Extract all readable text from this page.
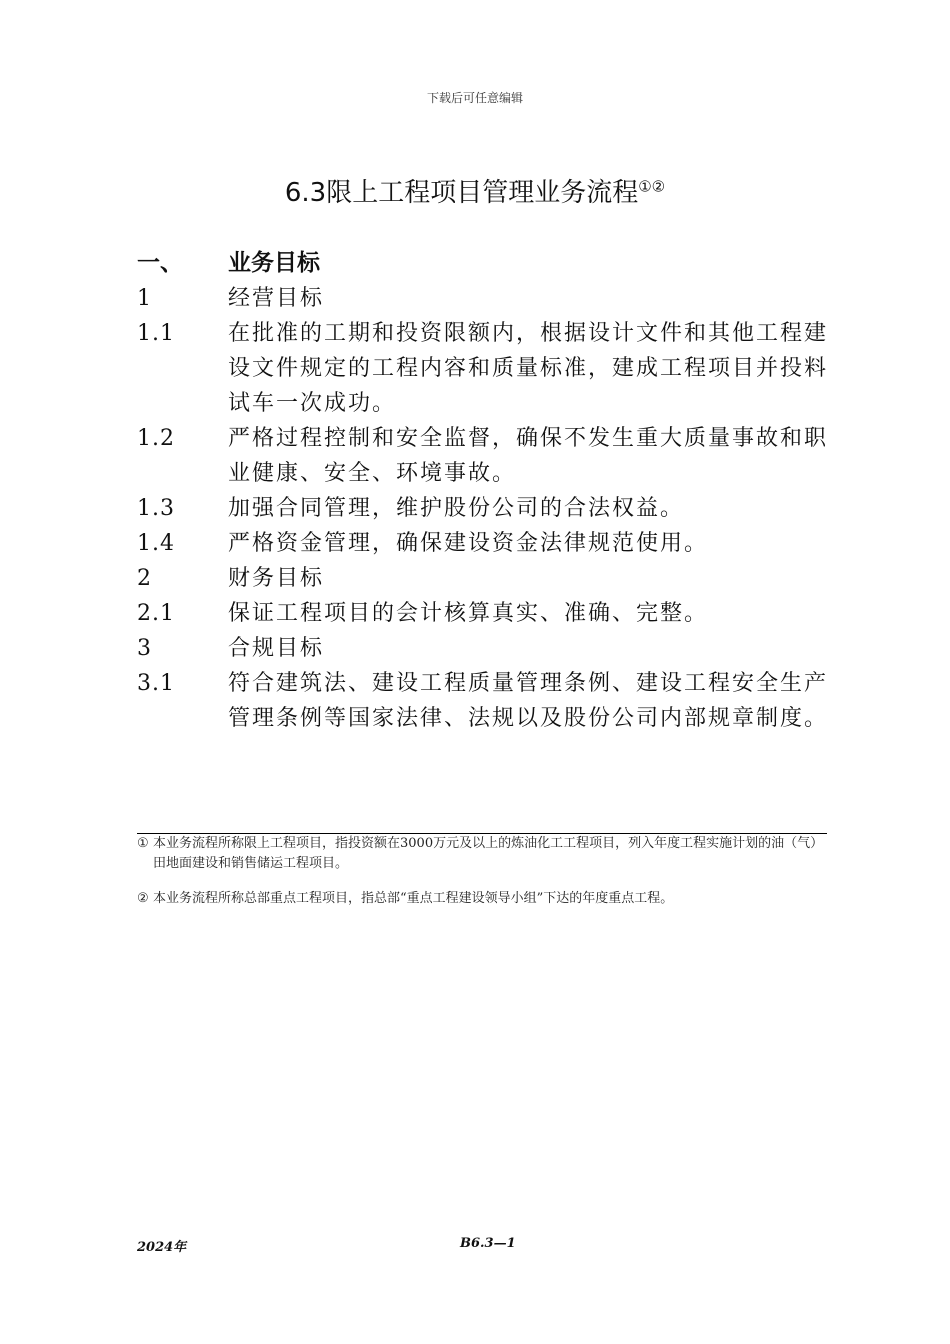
下载后可任意编辑
6.3限上工程项目管理业务流程①②
一、 业务目标
1	经营目标
1.1	在批准的工期和投资限额内，根据设计文件和其他工程建设文件规定的工程内容和质量标准，建成工程项目并投料试车一次成功。
1.2	严格过程控制和安全监督，确保不发生重大质量事故和职业健康、安全、环境事故。
1.3	加强合同管理，维护股份公司的合法权益。
1.4	严格资金管理，确保建设资金法律规范使用。
2	财务目标
2.1	保证工程项目的会计核算真实、准确、完整。
3	合规目标
3.1	符合建筑法、建设工程质量管理条例、建设工程安全生产管理条例等国家法律、法规以及股份公司内部规章制度。
① 本业务流程所称限上工程项目，指投资额在3000万元及以上的炼油化工工程项目，列入年度工程实施计划的油（气）田地面建设和销售储运工程项目。
② 本业务流程所称总部重点工程项目，指总部“重点工程建设领导小组”下达的年度重点工程。
2024年	B6.3—1
